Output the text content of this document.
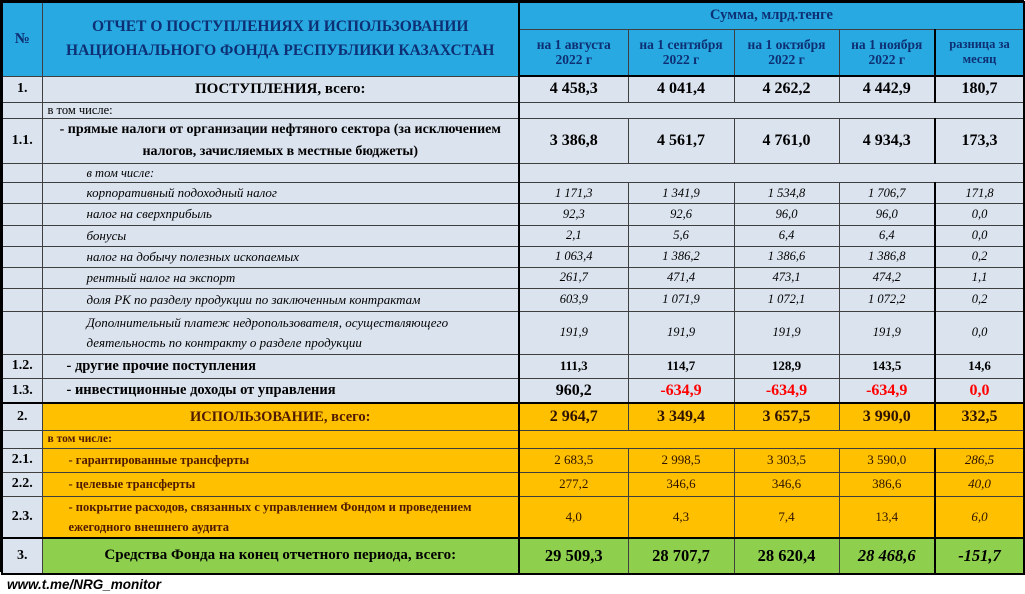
№	ОТЧЕТ О ПОСТУПЛЕНИЯХ И ИСПОЛЬЗОВАНИИ НАЦИОНАЛЬНОГО ФОНДА РЕСПУБЛИКИ КАЗАХСТАН	Сумма, млрд.тенге				
		на 1 августа 2022 г	на 1 сентября 2022 г	на 1 октября 2022 г	на 1 ноября 2022 г	разница за месяц
1.	ПОСТУПЛЕНИЯ, всего:	4 458,3	4 041,4	4 262,2	4 442,9	180,7
	в том числе:					
1.1.	- прямые налоги от организации нефтяного сектора (за исключением налогов, зачисляемых в местные бюджеты)	3 386,8	4 561,7	4 761,0	4 934,3	173,3
	в том числе:					
	корпоративный подоходный налог	1 171,3	1 341,9	1 534,8	1 706,7	171,8
	налог на сверхприбыль	92,3	92,6	96,0	96,0	0,0
	бонусы	2,1	5,6	6,4	6,4	0,0
	налог на добычу полезных ископаемых	1 063,4	1 386,2	1 386,6	1 386,8	0,2
	рентный налог на экспорт	261,7	471,4	473,1	474,2	1,1
	доля РК по разделу продукции по заключенным контрактам	603,9	1 071,9	1 072,1	1 072,2	0,2
	Дополнительный платеж недропользователя, осуществляющего деятельность по контракту о разделе продукции	191,9	191,9	191,9	191,9	0,0
1.2.	- другие прочие поступления	111,3	114,7	128,9	143,5	14,6
1.3.	- инвестиционные доходы от управления	960,2	-634,9	-634,9	-634,9	0,0
2.	ИСПОЛЬЗОВАНИЕ, всего:	2 964,7	3 349,4	3 657,5	3 990,0	332,5
	в том числе:					
2.1.	- гарантированные трансферты	2 683,5	2 998,5	3 303,5	3 590,0	286,5
2.2.	- целевые трансферты	277,2	346,6	346,6	386,6	40,0
2.3.	- покрытие расходов, связанных с управлением Фондом и проведением ежегодного внешнего аудита	4,0	4,3	7,4	13,4	6,0
3.	Средства Фонда на конец отчетного периода, всего:	29 509,3	28 707,7	28 620,4	28 468,6	-151,7
www.t.me/NRG_monitor
